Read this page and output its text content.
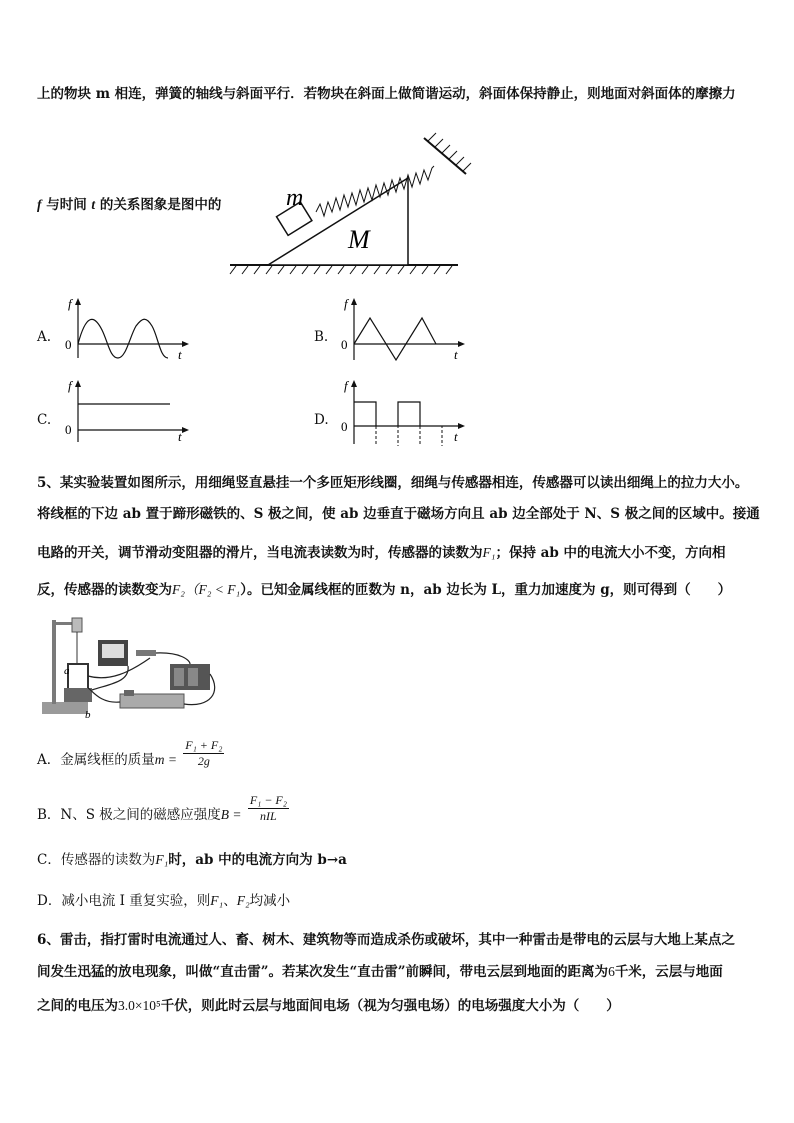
上的物块 m 相连，弹簧的轴线与斜面平行．若物块在斜面上做简谐运动，斜面体保持静止，则地面对斜面体的摩擦力
f 与时间 t 的关系图象是图中的	m
M
A.
f
0
t
B.
f
0
t
C.
f
0	t
D.
f
0
t
5、某实验装置如图所示，用细绳竖直悬挂一个多匝矩形线圈，细绳与传感器相连，传感器可以读出细绳上的拉力大小。
将线框的下边 ab 置于蹄形磁铁的、S 极之间，使 ab 边垂直于磁场方向且 ab 边全部处于 N、S 极之间的区域中。接通
电路的开关，调节滑动变阻器的滑片，当电流表读数为时，传感器的读数为F₁；保持 ab 中的电流大小不变，方向相
反，传感器的读数变为F₂（F₂ < F₁）。已知金属线框的匝数为 n，ab 边长为 L，重力加速度为 g，则可得到（　　）
a
b
A．金属线框的质量$m = \frac{\text{F₁ + F₂}}{2g}$
B．N、S 极之间的磁感应强度$B = \frac{\text{F₁ − F₂}}{\text{nIL}}$
C．传感器的读数为F₁时，ab 中的电流方向为 b→a
D．减小电流 I 重复实验，则F₁、F₂均减小
6、雷击，指打雷时电流通过人、畜、树木、建筑物等而造成杀伤或破坏，其中一种雷击是带电的云层与大地上某点之
间发生迅猛的放电现象，叫做“直击雷”。若某次发生“直击雷”前瞬间，带电云层到地面的距离为6千米，云层与地面
之间的电压为3.0×10⁵千伏，则此时云层与地面间电场（视为匀强电场）的电场强度大小为（　　）
